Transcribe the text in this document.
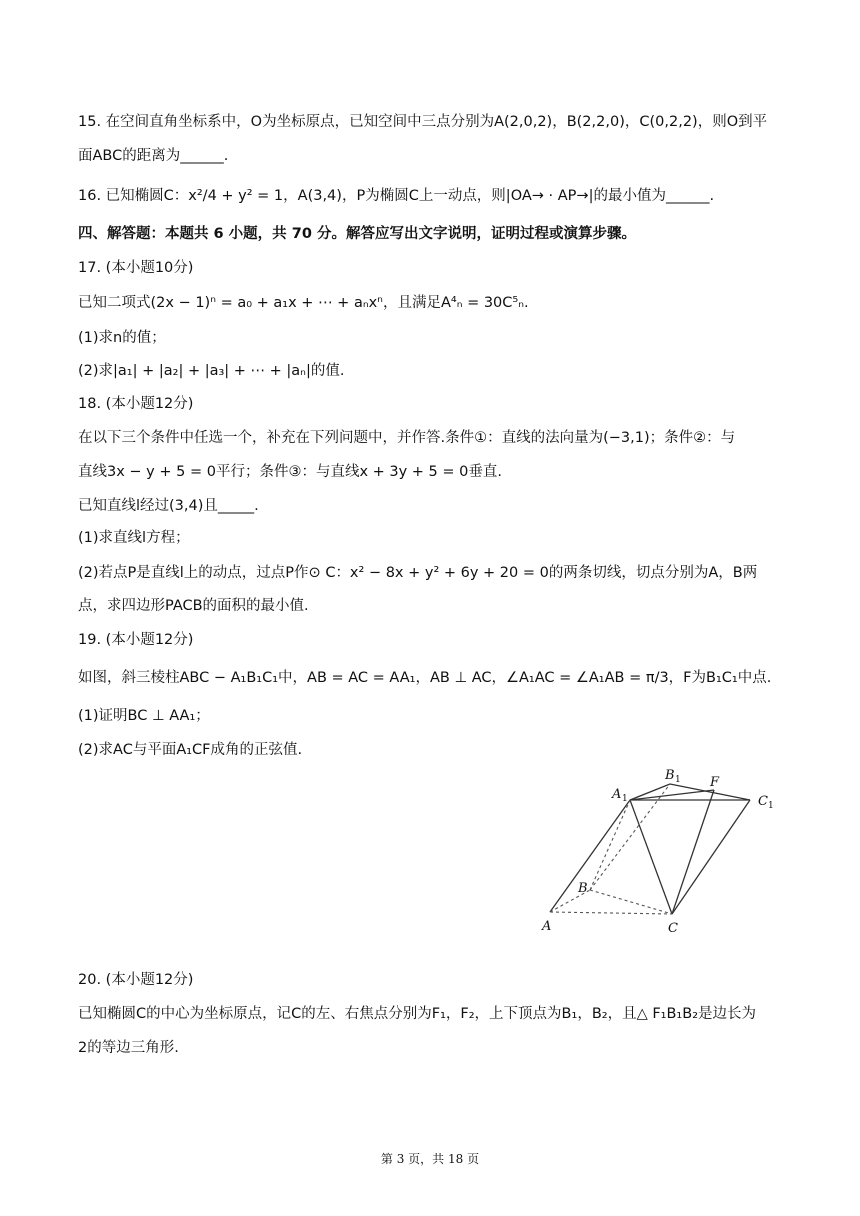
15. 在空间直角坐标系中，O为坐标原点，已知空间中三点分别为A(2,0,2)，B(2,2,0)，C(0,2,2)，则O到平
面ABC的距离为______.
16. 已知椭圆C：x²/4 + y² = 1，A(3,4)，P为椭圆C上一动点，则|OA→ · AP→|的最小值为______.
四、解答题：本题共 6 小题，共 70 分。解答应写出文字说明，证明过程或演算步骤。
17. (本小题10分)
已知二项式(2x − 1)ⁿ = a₀ + a₁x + ⋯ + aₙxⁿ，且满足A⁴ₙ = 30C⁵ₙ.
(1)求n的值；
(2)求|a₁| + |a₂| + |a₃| + ⋯ + |aₙ|的值.
18. (本小题12分)
在以下三个条件中任选一个，补充在下列问题中，并作答.条件①：直线的法向量为(−3,1)；条件②：与
直线3x − y + 5 = 0平行；条件③：与直线x + 3y + 5 = 0垂直.
已知直线l经过(3,4)且_____.
(1)求直线l方程；
(2)若点P是直线l上的动点，过点P作⊙ C：x² − 8x + y² + 6y + 20 = 0的两条切线，切点分别为A，B两
点，求四边形PACB的面积的最小值.
19. (本小题12分)
如图，斜三棱柱ABC − A₁B₁C₁中，AB = AC = AA₁，AB ⊥ AC，∠A₁AC = ∠A₁AB = π/3，F为B₁C₁中点.
(1)证明BC ⊥ AA₁；
(2)求AC与平面A₁CF成角的正弦值.
A
B
C
A 1
B 1 F
C 1
20. (本小题12分)
已知椭圆C的中心为坐标原点，记C的左、右焦点分别为F₁，F₂，上下顶点为B₁，B₂，且△ F₁B₁B₂是边长为
2的等边三角形.
第 3 页，共 18 页
